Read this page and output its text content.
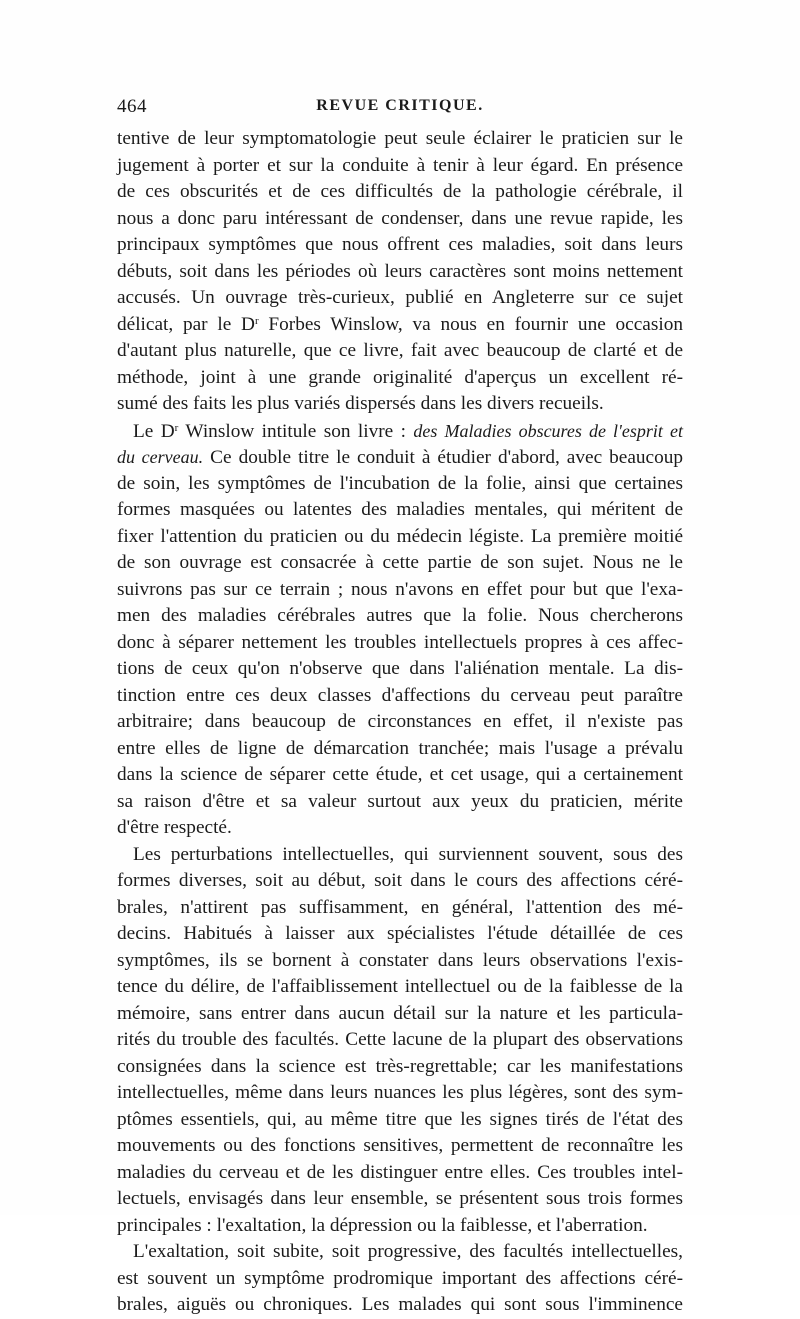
464	REVUE CRITIQUE.
tentive de leur symptomatologie peut seule éclairer le praticien sur le
jugement à porter et sur la conduite à tenir à leur égard. En présence
de ces obscurités et de ces difficultés de la pathologie cérébrale, il
nous a donc paru intéressant de condenser, dans une revue rapide, les
principaux symptômes que nous offrent ces maladies, soit dans leurs
débuts, soit dans les périodes où leurs caractères sont moins nettement
accusés. Un ouvrage très-curieux, publié en Angleterre sur ce sujet
délicat, par le $D^r$ Forbes Winslow, va nous en fournir une occasion
d'autant plus naturelle, que ce livre, fait avec beaucoup de clarté et de
méthode, joint à une grande originalité d'aperçus un excellent ré-
sumé des faits les plus variés dispersés dans les divers recueils.
Le $D^r$ Winslow intitule son livre : des Maladies obscures de l'esprit et
du cerveau. Ce double titre le conduit à étudier d'abord, avec beaucoup
de soin, les symptômes de l'incubation de la folie, ainsi que certaines
formes masquées ou latentes des maladies mentales, qui méritent de
fixer l'attention du praticien ou du médecin légiste. La première moitié
de son ouvrage est consacrée à cette partie de son sujet. Nous ne le
suivrons pas sur ce terrain ; nous n'avons en effet pour but que l'exa-
men des maladies cérébrales autres que la folie. Nous chercherons
donc à séparer nettement les troubles intellectuels propres à ces affec-
tions de ceux qu'on n'observe que dans l'aliénation mentale. La dis-
tinction entre ces deux classes d'affections du cerveau peut paraître
arbitraire; dans beaucoup de circonstances en effet, il n'existe pas
entre elles de ligne de démarcation tranchée; mais l'usage a prévalu
dans la science de séparer cette étude, et cet usage, qui a certainement
sa raison d'être et sa valeur surtout aux yeux du praticien, mérite
d'être respecté.
Les perturbations intellectuelles, qui surviennent souvent, sous des
formes diverses, soit au début, soit dans le cours des affections céré-
brales, n'attirent pas suffisamment, en général, l'attention des mé-
decins. Habitués à laisser aux spécialistes l'étude détaillée de ces
symptômes, ils se bornent à constater dans leurs observations l'exis-
tence du délire, de l'affaiblissement intellectuel ou de la faiblesse de la
mémoire, sans entrer dans aucun détail sur la nature et les particula-
rités du trouble des facultés. Cette lacune de la plupart des observations
consignées dans la science est très-regrettable; car les manifestations
intellectuelles, même dans leurs nuances les plus légères, sont des sym-
ptômes essentiels, qui, au même titre que les signes tirés de l'état des
mouvements ou des fonctions sensitives, permettent de reconnaître les
maladies du cerveau et de les distinguer entre elles. Ces troubles intel-
lectuels, envisagés dans leur ensemble, se présentent sous trois formes
principales : l'exaltation, la dépression ou la faiblesse, et l'aberration.
L'exaltation, soit subite, soit progressive, des facultés intellectuelles,
est souvent un symptôme prodromique important des affections céré-
brales, aiguës ou chroniques. Les malades qui sont sous l'imminence
